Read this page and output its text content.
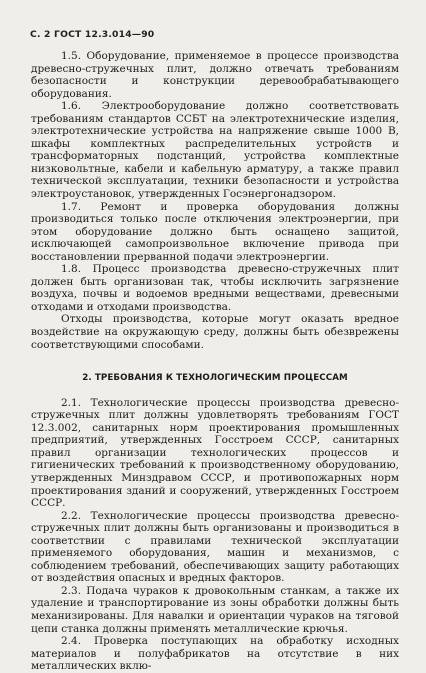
С. 2 ГОСТ 12.3.014—90

1.5. Оборудование, применяемое в процессе производства древесно-стружечных плит, должно отвечать требованиям безопасности и конструкции деревообрабатывающего оборудования.

1.6. Электрооборудование должно соответствовать требованиям стандартов ССБТ на электротехнические изделия, электротехнические устройства на напряжение свыше 1000 В, шкафы комплектных распределительных устройств и трансформаторных подстанций, устройства комплектные низковольтные, кабели и кабельную арматуру, а также правил технической эксплуатации, техники безопасности и устройства электроустановок, утвержденных Госэнергонадзором.

1.7. Ремонт и проверка оборудования должны производиться только после отключения электроэнергии, при этом оборудование должно быть оснащено защитой, исключающей самопроизвольное включение привода при восстановлении прерванной подачи электроэнергии.

1.8. Процесс производства древесно-стружечных плит должен быть организован так, чтобы исключить загрязнение воздуха, почвы и водоемов вредными веществами, древесными отходами и отходами производства.

Отходы производства, которые могут оказать вредное воздействие на окружающую среду, должны быть обезврежены соответствующими способами.

2. ТРЕБОВАНИЯ К ТЕХНОЛОГИЧЕСКИМ ПРОЦЕССАМ

2.1. Технологические процессы производства древесно-стружечных плит должны удовлетворять требованиям ГОСТ 12.3.002, санитарных норм проектирования промышленных предприятий, утвержденных Госстроем СССР, санитарных правил организации технологических процессов и гигиенических требований к производственному оборудованию, утвержденных Минздравом СССР, и противопожарных норм проектирования зданий и сооружений, утвержденных Госстроем СССР.

2.2. Технологические процессы производства древесно-стружечных плит должны быть организованы и производиться в соответствии с правилами технической эксплуатации применяемого оборудования, машин и механизмов, с соблюдением требований, обеспечивающих защиту работающих от воздействия опасных и вредных факторов.

2.3. Подача чураков к дровокольным станкам, а также их удаление и транспортирование из зоны обработки должны быть механизированы. Для навалки и ориентации чураков на тяговой цепи станка должны применять металлические крючья.

2.4. Проверка поступающих на обработку исходных материалов и полуфабрикатов на отсутствие в них металлических вклю-
